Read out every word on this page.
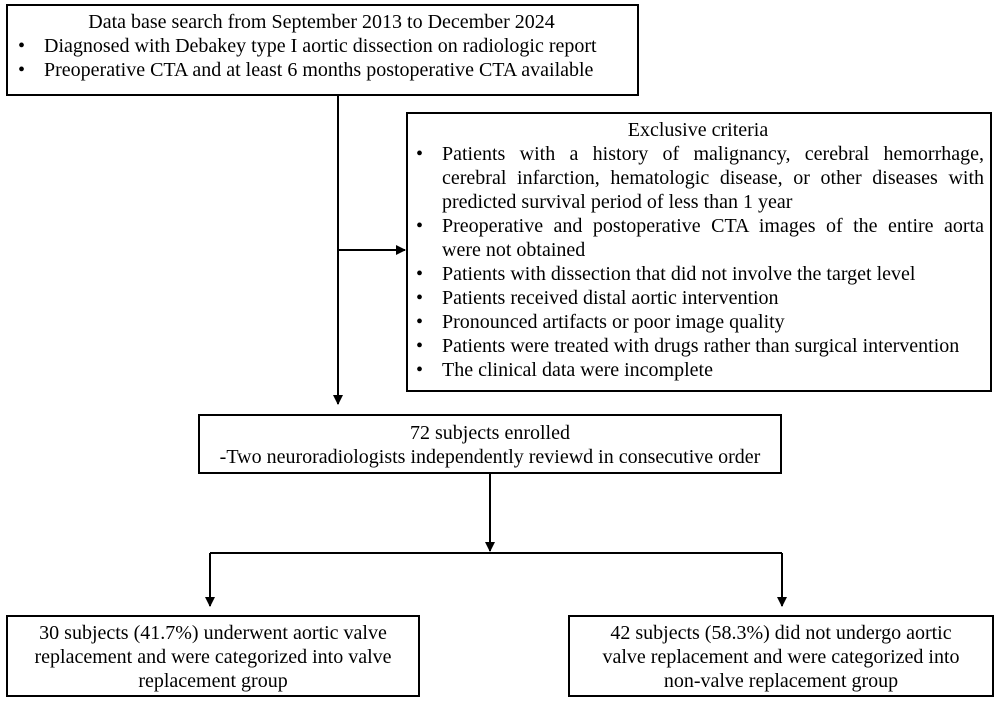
Data base search from September 2013 to December 2024
• Diagnosed with Debakey type I aortic dissection on radiologic report
• Preoperative CTA and at least 6 months postoperative CTA available
Exclusive criteria
• Patients with a history of malignancy, cerebral hemorrhage, cerebral infarction, hematologic disease, or other diseases with predicted survival period of less than 1 year
• Preoperative and postoperative CTA images of the entire aorta were not obtained
• Patients with dissection that did not involve the target level
• Patients received distal aortic intervention
• Pronounced artifacts or poor image quality
• Patients were treated with drugs rather than surgical intervention
• The clinical data were incomplete
72 subjects enrolled
-Two neuroradiologists independently reviewd in consecutive order
30 subjects (41.7%) underwent aortic valve replacement and were categorized into valve replacement group
42 subjects (58.3%) did not undergo aortic valve replacement and were categorized into non-valve replacement group
